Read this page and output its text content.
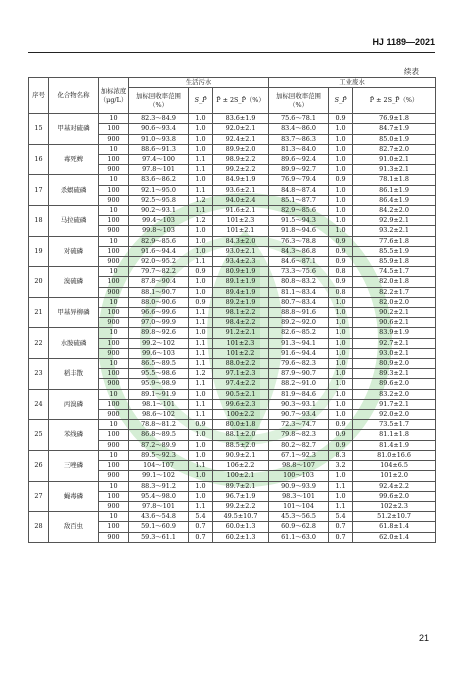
HJ 1189—2021
续表
序号	化合物名称	加标浓度（μg/L）	生活污水			工业废水		
			加标回收率范围（%）	S_P̄	P̄ ± 2S_P̄（%）	加标回收率范围（%）	S_P̄	P̄ ± 2S_P̄（%）
15	甲基对硫磷	10	82.3～84.9	1.0	83.6±1.9	75.6～78.1	0.9	76.9±1.8
		100	90.6～93.4	1.0	92.0±2.1	83.4～86.0	1.0	84.7±1.9
		900	91.0～93.8	1.0	92.4±2.1	83.7～86.3	1.0	85.0±1.9
16	毒死蜱	10	88.6～91.3	1.0	89.9±2.0	81.3～84.0	1.0	82.7±2.0
		100	97.4～100	1.1	98.9±2.2	89.6～92.4	1.0	91.0±2.1
		900	97.8～101	1.1	99.2±2.2	89.9～92.7	1.0	91.3±2.1
17	杀螟硫磷	10	83.6～86.2	1.0	84.9±1.9	76.9～79.4	0.9	78.1±1.8
		100	92.1～95.0	1.1	93.6±2.1	84.8～87.4	1.0	86.1±1.9
		900	92.5～95.8	1.2	94.0±2.4	85.1～87.7	1.0	86.4±1.9
18	马拉硫磷	10	90.2～93.1	1.1	91.6±2.1	82.9～85.6	1.0	84.2±2.0
		100	99.4～103	1.2	101±2.3	91.5～94.3	1.0	92.9±2.1
		900	99.8～103	1.0	101±2.1	91.8～94.6	1.0	93.2±2.1
19	对硫磷	10	82.9～85.6	1.0	84.3±2.0	76.3～78.8	0.9	77.6±1.8
		100	91.6～94.4	1.0	93.0±2.1	84.3～86.8	0.9	85.5±1.9
		900	92.0～95.2	1.1	93.4±2.3	84.6～87.1	0.9	85.9±1.8
20	溴硫磷	10	79.7～82.2	0.9	80.9±1.9	73.3～75.6	0.8	74.5±1.7
		100	87.8～90.4	1.0	89.1±1.9	80.8～83.2	0.9	82.0±1.8
		900	88.1～90.7	1.0	89.4±1.9	81.1～83.4	0.8	82.2±1.7
21	甲基异柳磷	10	88.0～90.6	0.9	89.2±1.9	80.7～83.4	1.0	82.0±2.0
		100	96.6～99.6	1.1	98.1±2.2	88.8～91.6	1.0	90.2±2.1
		900	97.0～99.9	1.1	98.4±2.2	89.2～92.0	1.0	90.6±2.1
22	水胺硫磷	10	89.8～92.6	1.0	91.2±2.1	82.6～85.2	1.0	83.9±1.9
		100	99.2～102	1.1	101±2.3	91.3～94.1	1.0	92.7±2.1
		900	99.6～103	1.1	101±2.2	91.6～94.4	1.0	93.0±2.1
23	稻丰散	10	86.5～89.5	1.1	88.0±2.2	79.6～82.3	1.0	80.9±2.0
		100	95.5～98.6	1.2	97.1±2.3	87.9～90.7	1.0	89.3±2.1
		900	95.9～98.9	1.1	97.4±2.2	88.2～91.0	1.0	89.6±2.0
24	丙溴磷	10	89.1～91.9	1.0	90.5±2.1	81.9～84.6	1.0	83.2±2.0
		100	98.1～101	1.1	99.6±2.3	90.3～93.1	1.0	91.7±2.1
		900	98.6～102	1.1	100±2.2	90.7～93.4	1.0	92.0±2.0
25	苯线磷	10	78.8～81.2	0.9	80.0±1.8	72.3～74.7	0.9	73.5±1.7
		100	86.8～89.5	1.0	88.1±2.0	79.8～82.3	0.9	81.1±1.8
		900	87.2～89.9	1.0	88.5±2.0	80.2～82.7	0.9	81.4±1.9
26	三唑磷	10	89.5～92.3	1.0	90.9±2.1	67.1～92.3	8.3	81.0±16.6
		100	104～107	1.1	106±2.2	98.8～107	3.2	104±6.5
		900	99.1～102	1.0	100±2.1	100～103	1.0	101±2.0
27	蝇毒磷	10	88.3～91.2	1.0	89.7±2.1	90.9～93.9	1.1	92.4±2.2
		100	95.4～98.0	1.0	96.7±1.9	98.3～101	1.0	99.6±2.0
		900	97.8～101	1.1	99.2±2.2	101～104	1.1	102±2.3
28	敌百虫	10	43.6～54.8	5.4	49.5±10.7	45.3～56.5	5.4	51.2±10.7
		100	59.1～60.9	0.7	60.0±1.3	60.9～62.8	0.7	61.8±1.4
		900	59.3～61.1	0.7	60.2±1.3	61.1～63.0	0.7	62.0±1.4
21
